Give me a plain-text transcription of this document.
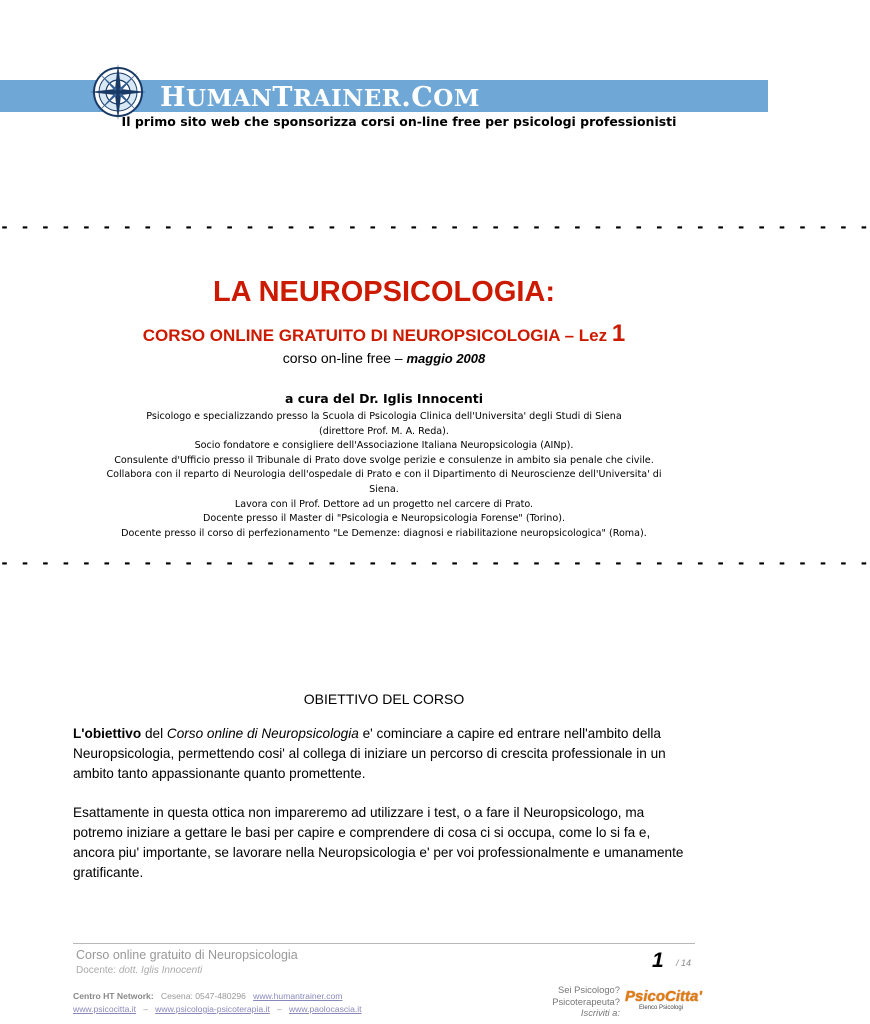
HUMANTRAINER.COM
Il primo sito web che sponsorizza corsi on-line free per psicologi professionisti
- - - - - - - - - - - - - - - - - - - - - - - - - - - - - - - - - - - - - - - - - - -
LA NEUROPSICOLOGIA:
CORSO ONLINE GRATUITO DI NEUROPSICOLOGIA – Lez 1
corso on-line free – maggio 2008
a cura del Dr. Iglis Innocenti
Psicologo e specializzando presso la Scuola di Psicologia Clinica dell'Universita' degli Studi di Siena
(direttore Prof. M. A. Reda).
Socio fondatore e consigliere dell'Associazione Italiana Neuropsicologia (AINp).
Consulente d'Ufficio presso il Tribunale di Prato dove svolge perizie e consulenze in ambito sia penale che civile.
Collabora con il reparto di Neurologia dell'ospedale di Prato e con il Dipartimento di Neuroscienze dell'Universita' di
Siena.
Lavora con il Prof. Dettore ad un progetto nel carcere di Prato.
Docente presso il Master di "Psicologia e Neuropsicologia Forense" (Torino).
Docente presso il corso di perfezionamento "Le Demenze: diagnosi e riabilitazione neuropsicologica" (Roma).
- - - - - - - - - - - - - - - - - - - - - - - - - - - - - - - - - - - - - - - - - - -
OBIETTIVO DEL CORSO
L'obiettivo del Corso online di Neuropsicologia e' cominciare a capire ed entrare nell'ambito della
Neuropsicologia, permettendo cosi' al collega di iniziare un percorso di crescita professionale in un
ambito tanto appassionante quanto promettente.
Esattamente in questa ottica non impareremo ad utilizzare i test, o a fare il Neuropsicologo, ma
potremo iniziare a gettare le basi per capire e comprendere di cosa ci si occupa, come lo si fa e,
ancora piu' importante, se lavorare nella Neuropsicologia e' per voi professionalmente e umanamente
gratificante.
Corso online gratuito di Neuropsicologia
Docente: dott. Iglis Innocenti	1 / 14
Centro HT Network: Cesena: 0547-480296 www.humantrainer.com
www.psicocitta.it – www.psicologia-psicoterapia.it – www.paolocascia.it
Sei Psicologo?
Psicoterapeuta?
Iscriviti a:
PsicoCitta'
Elenco Psicologi
